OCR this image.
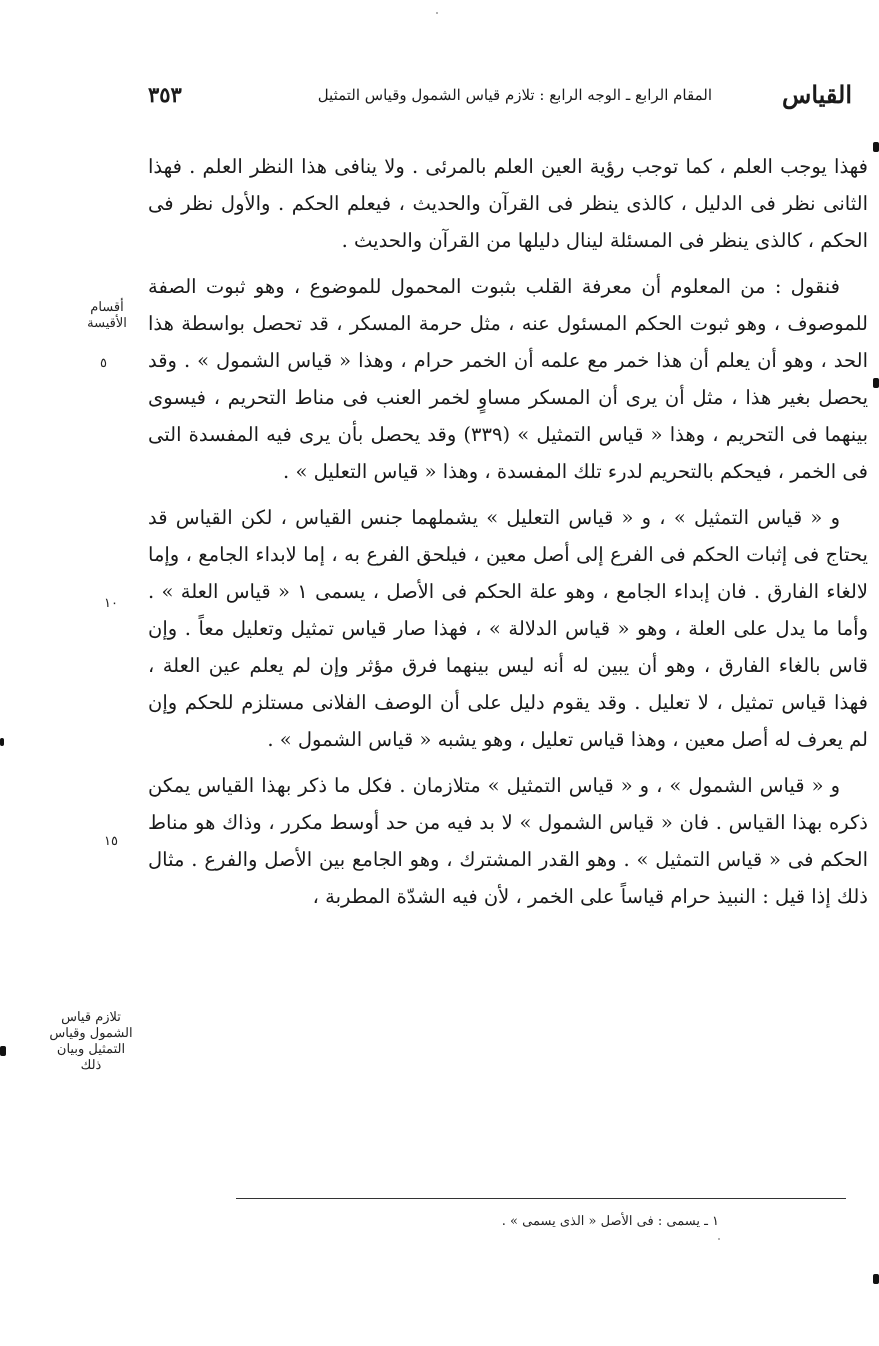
القياس
المقام الرابع ـ الوجه الرابع : تلازم قياس الشمول وقياس التمثيل
٣٥٣
أقسام الأقيسة
تلازم قياس الشمول وقياس التمثيل وبيان ذلك
٥
١٠
١٥

فهذا يوجب العلم ، كما توجب رؤية العين العلم بالمرئى . ولا ينافى هذا النظر العلم . فهذا الثانى نظر فى الدليل ، كالذى ينظر فى القرآن والحديث ، فيعلم الحكم . والأول نظر فى الحكم ، كالذى ينظر فى المسئلة لينال دليلها من القرآن والحديث .

فنقول : من المعلوم أن معرفة القلب بثبوت المحمول للموضوع ، وهو ثبوت الصفة للموصوف ، وهو ثبوت الحكم المسئول عنه ، مثل حرمة المسكر ، قد تحصل بواسطة هذا الحد ، وهو أن يعلم أن هذا خمر مع علمه أن الخمر حرام ، وهذا « قياس الشمول » . وقد يحصل بغير هذا ، مثل أن يرى أن المسكر مساوٍ لخمر العنب فى مناط التحريم ، فيسوى بينهما فى التحريم ، وهذا « قياس التمثيل » (٣٣٩) وقد يحصل بأن يرى فيه المفسدة التى فى الخمر ، فيحكم بالتحريم لدرء تلك المفسدة ، وهذا « قياس التعليل » .

و « قياس التمثيل » ، و « قياس التعليل » يشملهما جنس القياس ، لكن القياس قد يحتاج فى إثبات الحكم فى الفرع إلى أصل معين ، فيلحق الفرع به ، إما لابداء الجامع ، وإما لالغاء الفارق . فان إبداء الجامع ، وهو علة الحكم فى الأصل ، يسمى ١ « قياس العلة » . وأما ما يدل على العلة ، وهو « قياس الدلالة » ، فهذا صار قياس تمثيل وتعليل معاً . وإن قاس بالغاء الفارق ، وهو أن يبين له أنه ليس بينهما فرق مؤثر وإن لم يعلم عين العلة ، فهذا قياس تمثيل ، لا تعليل . وقد يقوم دليل على أن الوصف الفلانى مستلزم للحكم وإن لم يعرف له أصل معين ، وهذا قياس تعليل ، وهو يشبه « قياس الشمول » .

و « قياس الشمول » ، و « قياس التمثيل » متلازمان . فكل ما ذكر بهذا القياس يمكن ذكره بهذا القياس . فان « قياس الشمول » لا بد فيه من حد أوسط مكرر ، وذاك هو مناط الحكم فى « قياس التمثيل » . وهو القدر المشترك ، وهو الجامع بين الأصل والفرع . مثال ذلك إذا قيل : النبيذ حرام قياساً على الخمر ، لأن فيه الشدّة المطربة ،

١ ـ يسمى : فى الأصل « الذى يسمى » .
